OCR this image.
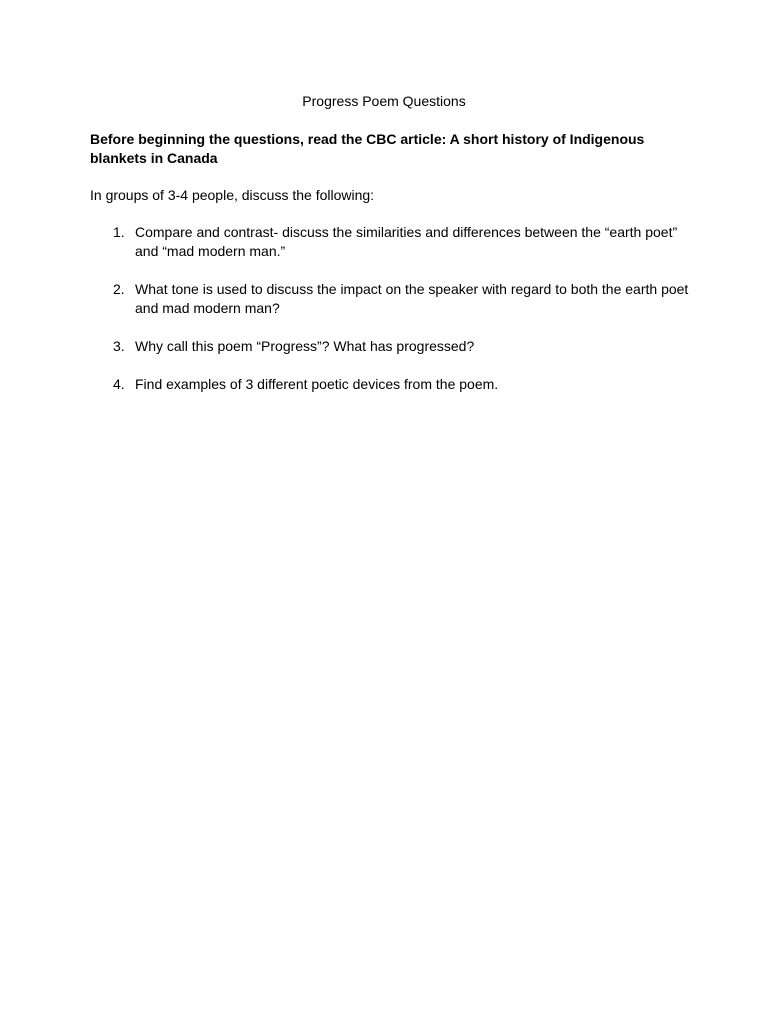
Progress Poem Questions
Before beginning the questions, read the CBC article: A short history of Indigenous blankets in Canada
In groups of 3-4 people, discuss the following:
1. Compare and contrast- discuss the similarities and differences between the “earth poet” and “mad modern man.”
2. What tone is used to discuss the impact on the speaker with regard to both the earth poet and mad modern man?
3. Why call this poem “Progress”? What has progressed?
4. Find examples of 3 different poetic devices from the poem.
